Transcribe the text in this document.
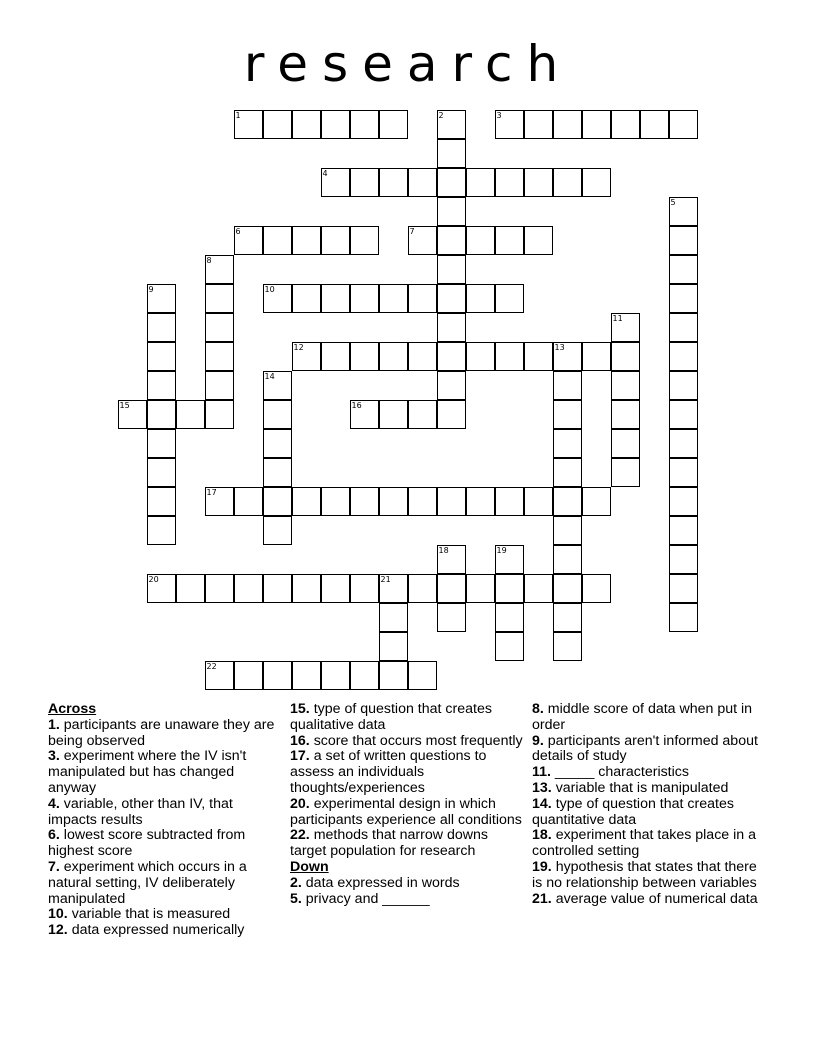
research
1	3
4
6	7
10
12	13
15	16
17
20	21
22
2
5
8
9
11
14
18	19

Across

1. participants are unaware they are being observed

3. experiment where the IV isn't manipulated but has changed anyway

4. variable, other than IV, that impacts results

6. lowest score subtracted from highest score

7. experiment which occurs in a natural setting, IV deliberately manipulated

10. variable that is measured

12. data expressed numerically

15. type of question that creates qualitative data

16. score that occurs most frequently

17. a set of written questions to assess an individuals thoughts/experiences

20. experimental design in which participants experience all conditions

22. methods that narrow downs target population for research

Down

2. data expressed in words

5. privacy and ______

8. middle score of data when put in order

9. participants aren't informed about details of study

11. _____ characteristics

13. variable that is manipulated

14. type of question that creates quantitative data

18. experiment that takes place in a controlled setting

19. hypothesis that states that there is no relationship between variables

21. average value of numerical data
